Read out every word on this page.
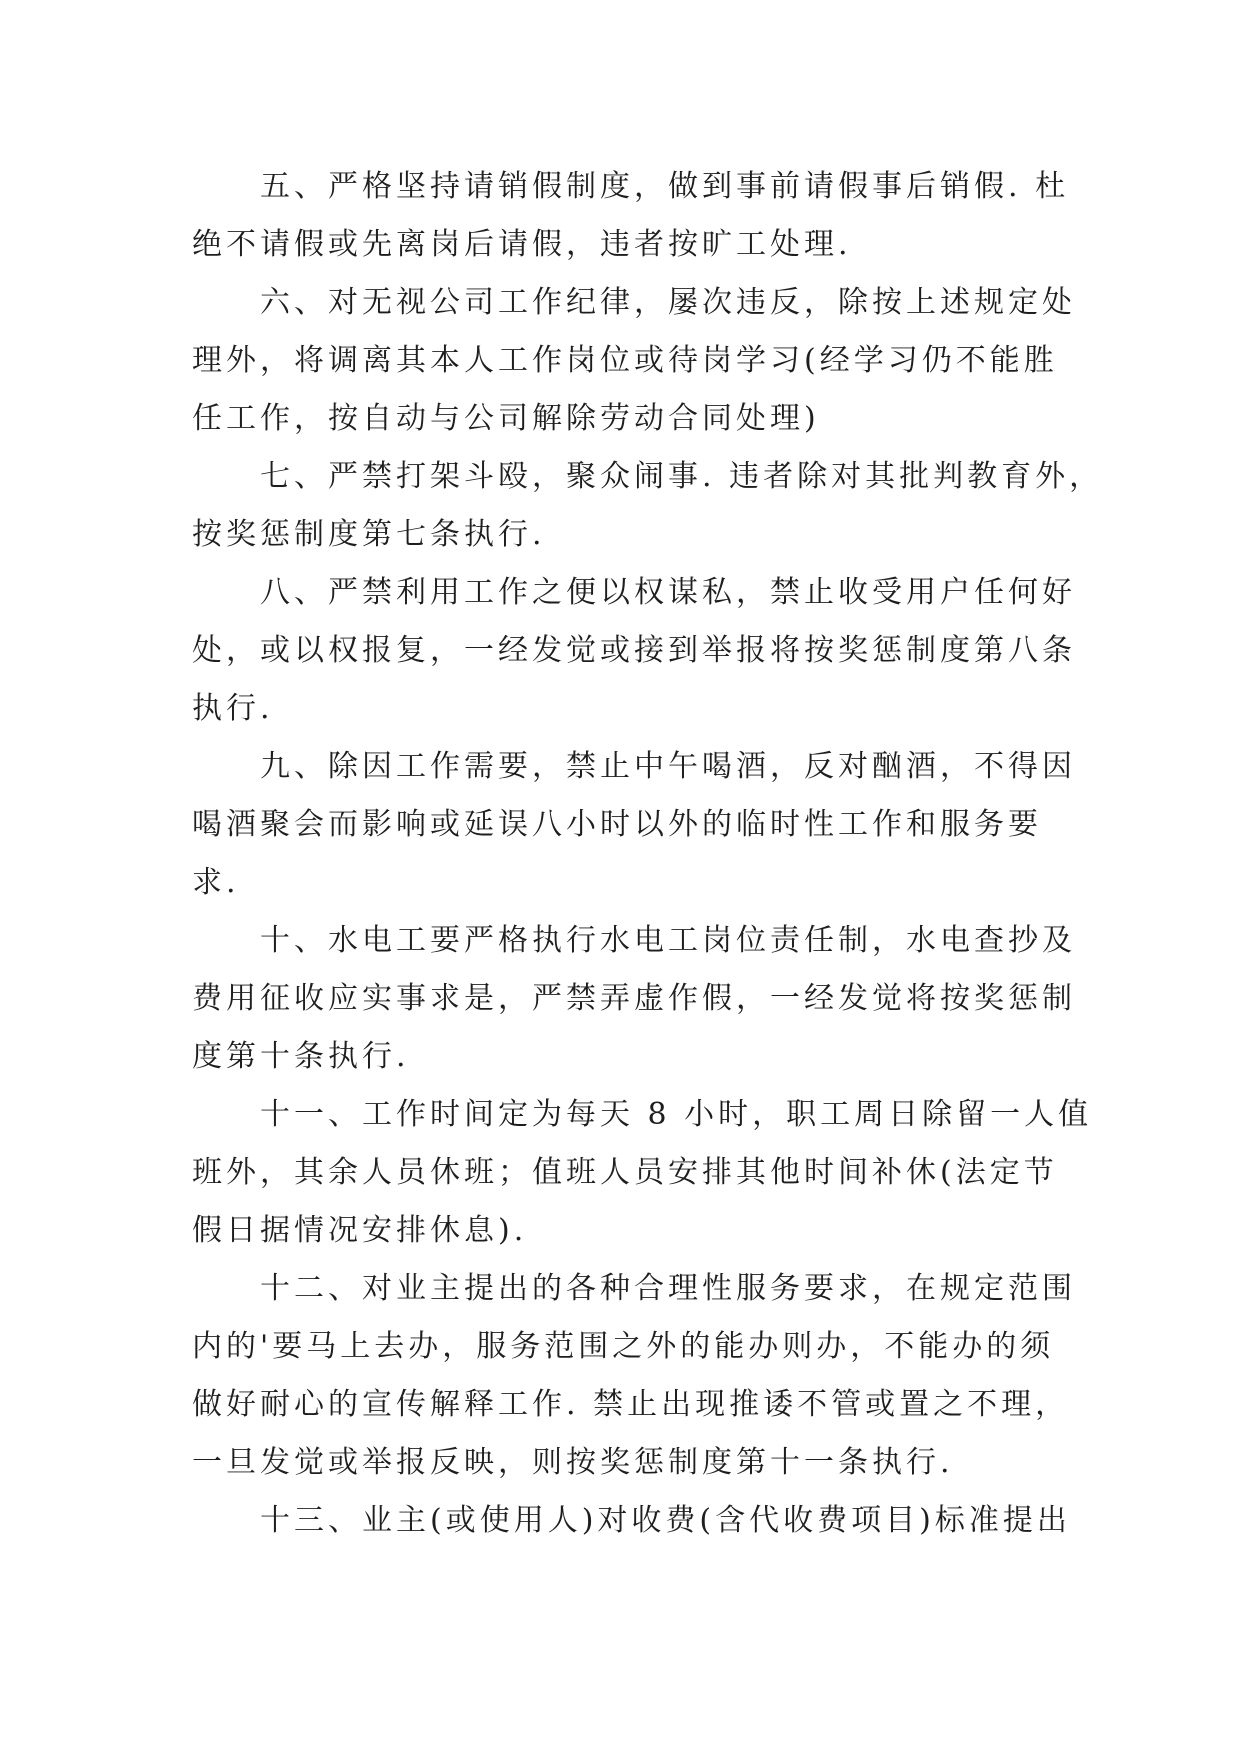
　　五、严格坚持请销假制度，做到事前请假事后销假. 杜
绝不请假或先离岗后请假，违者按旷工处理.
　　六、对无视公司工作纪律，屡次违反，除按上述规定处
理外，将调离其本人工作岗位或待岗学习(经学习仍不能胜
任工作，按自动与公司解除劳动合同处理)
　　七、严禁打架斗殴，聚众闹事. 违者除对其批判教育外，
按奖惩制度第七条执行.
　　八、严禁利用工作之便以权谋私，禁止收受用户任何好
处，或以权报复，一经发觉或接到举报将按奖惩制度第八条
执行.
　　九、除因工作需要，禁止中午喝酒，反对酗酒，不得因
喝酒聚会而影响或延误八小时以外的临时性工作和服务要
求.
　　十、水电工要严格执行水电工岗位责任制，水电查抄及
费用征收应实事求是，严禁弄虚作假，一经发觉将按奖惩制
度第十条执行.
　　十一、工作时间定为每天 8 小时，职工周日除留一人值
班外，其余人员休班；值班人员安排其他时间补休(法定节
假日据情况安排休息).
　　十二、对业主提出的各种合理性服务要求，在规定范围
内的'要马上去办，服务范围之外的能办则办，不能办的须
做好耐心的宣传解释工作. 禁止出现推诿不管或置之不理，
一旦发觉或举报反映，则按奖惩制度第十一条执行.
　　十三、业主(或使用人)对收费(含代收费项目)标准提出
